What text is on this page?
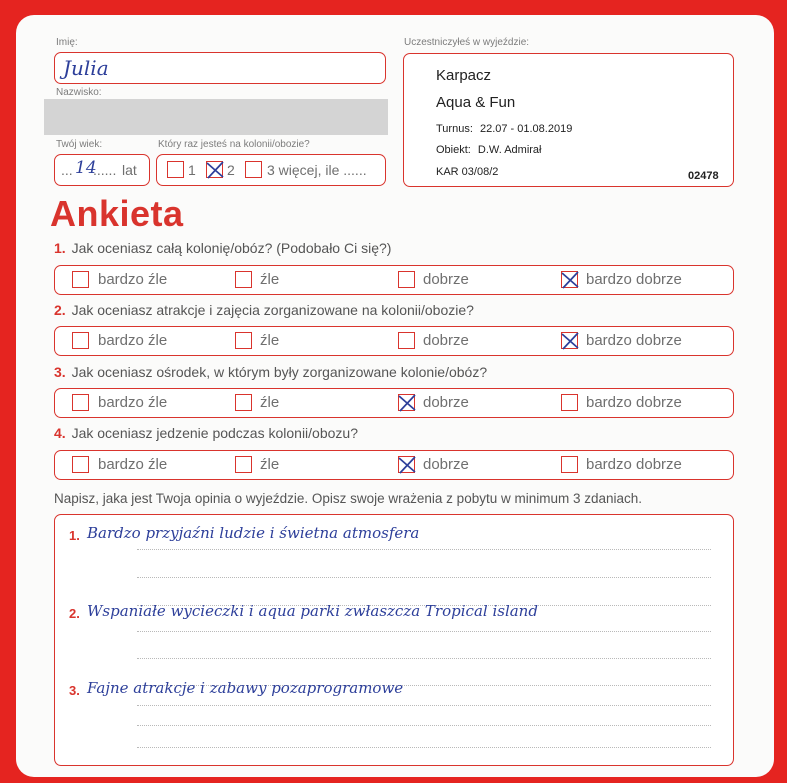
Imię:
Julia
Nazwisko:
Twój wiek:
... 14
...... lat
Który raz jesteś na kolonii/obozie?
1 2 3 więcej, ile ......
Uczestniczyłeś w wyjeździe:
Karpacz
Aqua & Fun
Turnus: 22.07 - 01.08.2019
Obiekt: D.W. Admirał
KAR 03/08/2	02478
Ankieta
1. Jak oceniasz całą kolonię/obóz? (Podobało Ci się?)
bardzo źle	źle	dobrze	bardzo dobrze
2. Jak oceniasz atrakcje i zajęcia zorganizowane na kolonii/obozie?
bardzo źle	źle	dobrze	bardzo dobrze
3. Jak oceniasz ośrodek, w którym były zorganizowane kolonie/obóz?
bardzo źle	źle	dobrze	bardzo dobrze
4. Jak oceniasz jedzenie podczas kolonii/obozu?
bardzo źle	źle	dobrze	bardzo dobrze
Napisz, jaka jest Twoja opinia o wyjeździe. Opisz swoje wrażenia z pobytu w minimum 3 zdaniach.
1. Bardzo przyjaźni ludzie i świetna atmosfera
2. Wspaniałe wycieczki i aqua parki zwłaszcza Tropical island
3. Fajne atrakcje i zabawy pozaprogramowe
